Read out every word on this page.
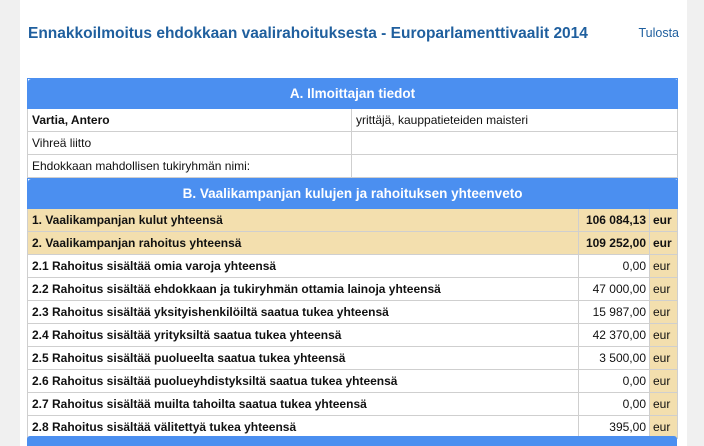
Ennakkoilmoitus ehdokkaan vaalirahoituksesta - Europarlamenttivaalit 2014	Tulosta
A. Ilmoittajan tiedot	
Vartia, Antero	yrittäjä, kauppatieteiden maisteri
Vihreä liitto	
Ehdokkaan mahdollisen tukiryhmän nimi:	
B. Vaalikampanjan kulujen ja rahoituksen yhteenveto		
1. Vaalikampanjan kulut yhteensä	106 084,13	eur
2. Vaalikampanjan rahoitus yhteensä	109 252,00	eur
2.1 Rahoitus sisältää omia varoja yhteensä	0,00	eur
2.2 Rahoitus sisältää ehdokkaan ja tukiryhmän ottamia lainoja yhteensä	47 000,00	eur
2.3 Rahoitus sisältää yksityishenkilöiltä saatua tukea yhteensä	15 987,00	eur
2.4 Rahoitus sisältää yrityksiltä saatua tukea yhteensä	42 370,00	eur
2.5 Rahoitus sisältää puolueelta saatua tukea yhteensä	3 500,00	eur
2.6 Rahoitus sisältää puolueyhdistyksiltä saatua tukea yhteensä	0,00	eur
2.7 Rahoitus sisältää muilta tahoilta saatua tukea yhteensä	0,00	eur
2.8 Rahoitus sisältää välitettyä tukea yhteensä	395,00	eur
